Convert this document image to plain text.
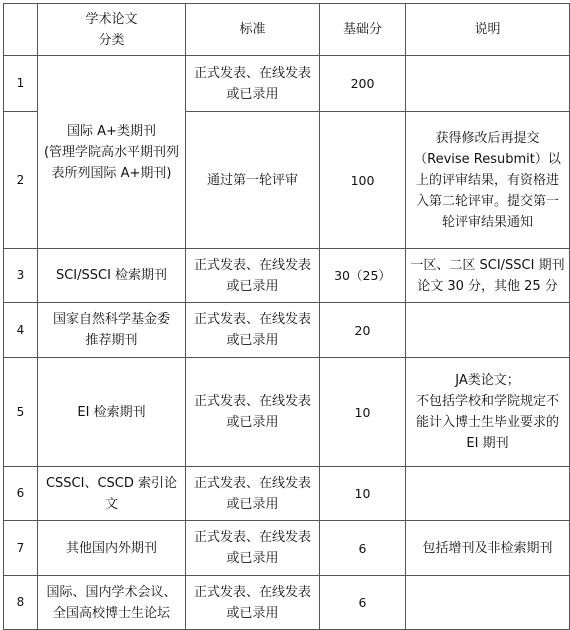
	学术论文
分类	标准	基础分	说明
1	国际 A+类期刊
(管理学院高水平期刊列表所列国际 A+期刊)	正式发表、在线发表
或已录用	200	
2		通过第一轮评审	100	获得修改后再提交（Revise Resubmit）以上的评审结果，有资格进入第二轮评审。提交第一轮评审结果通知
3	SCI/SSCI 检索期刊	正式发表、在线发表
或已录用	30（25）	一区、二区 SCI/SSCI 期刊论文 30 分，其他 25 分
4	国家自然科学基金委
推荐期刊	正式发表、在线发表
或已录用	20	
5	EI 检索期刊	正式发表、在线发表
或已录用	10	JA类论文；
不包括学校和学院规定不能计入博士生毕业要求的 EI 期刊
6	CSSCI、CSCD 索引论文	正式发表、在线发表
或已录用	10	
7	其他国内外期刊	正式发表、在线发表
或已录用	6	包括增刊及非检索期刊
8	国际、国内学术会议、
全国高校博士生论坛	正式发表、在线发表
或已录用	6	
